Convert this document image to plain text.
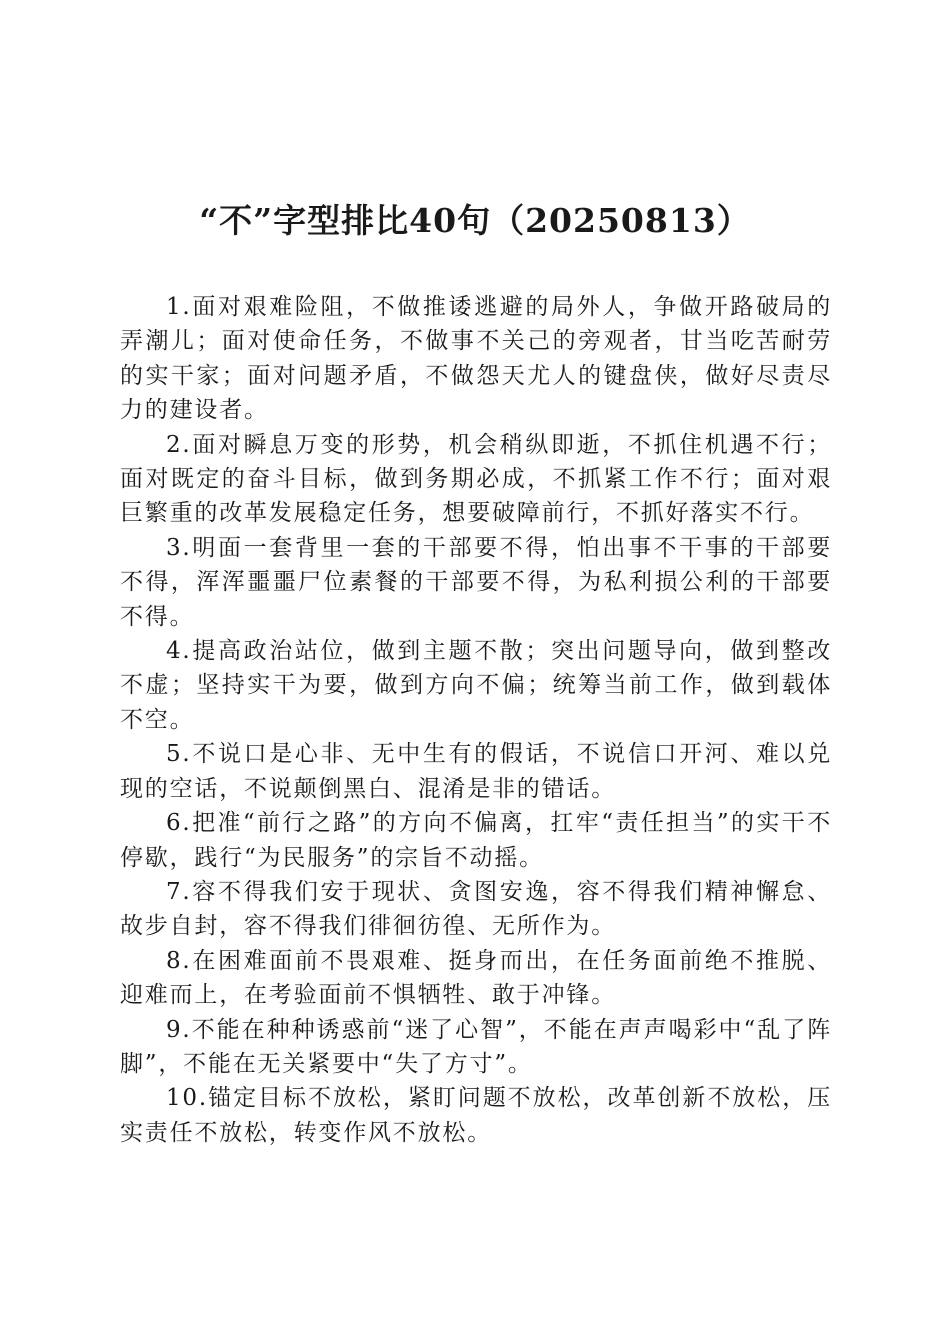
“不”字型排比40句（20250813）

1.面对艰难险阻，不做推诿逃避的局外人，争做开路破局的弄潮儿；面对使命任务，不做事不关己的旁观者，甘当吃苦耐劳的实干家；面对问题矛盾，不做怨天尤人的键盘侠，做好尽责尽力的建设者。

2.面对瞬息万变的形势，机会稍纵即逝，不抓住机遇不行；面对既定的奋斗目标，做到务期必成，不抓紧工作不行；面对艰巨繁重的改革发展稳定任务，想要破障前行，不抓好落实不行。

3.明面一套背里一套的干部要不得，怕出事不干事的干部要不得，浑浑噩噩尸位素餐的干部要不得，为私利损公利的干部要不得。

4.提高政治站位，做到主题不散；突出问题导向，做到整改不虚；坚持实干为要，做到方向不偏；统筹当前工作，做到载体不空。

5.不说口是心非、无中生有的假话，不说信口开河、难以兑现的空话，不说颠倒黑白、混淆是非的错话。

6.把准“前行之路”的方向不偏离，扛牢“责任担当”的实干不停歇，践行“为民服务”的宗旨不动摇。

7.容不得我们安于现状、贪图安逸，容不得我们精神懈怠、故步自封，容不得我们徘徊彷徨、无所作为。

8.在困难面前不畏艰难、挺身而出，在任务面前绝不推脱、迎难而上，在考验面前不惧牺牲、敢于冲锋。

9.不能在种种诱惑前“迷了心智”，不能在声声喝彩中“乱了阵脚”，不能在无关紧要中“失了方寸”。

10.锚定目标不放松，紧盯问题不放松，改革创新不放松，压实责任不放松，转变作风不放松。
